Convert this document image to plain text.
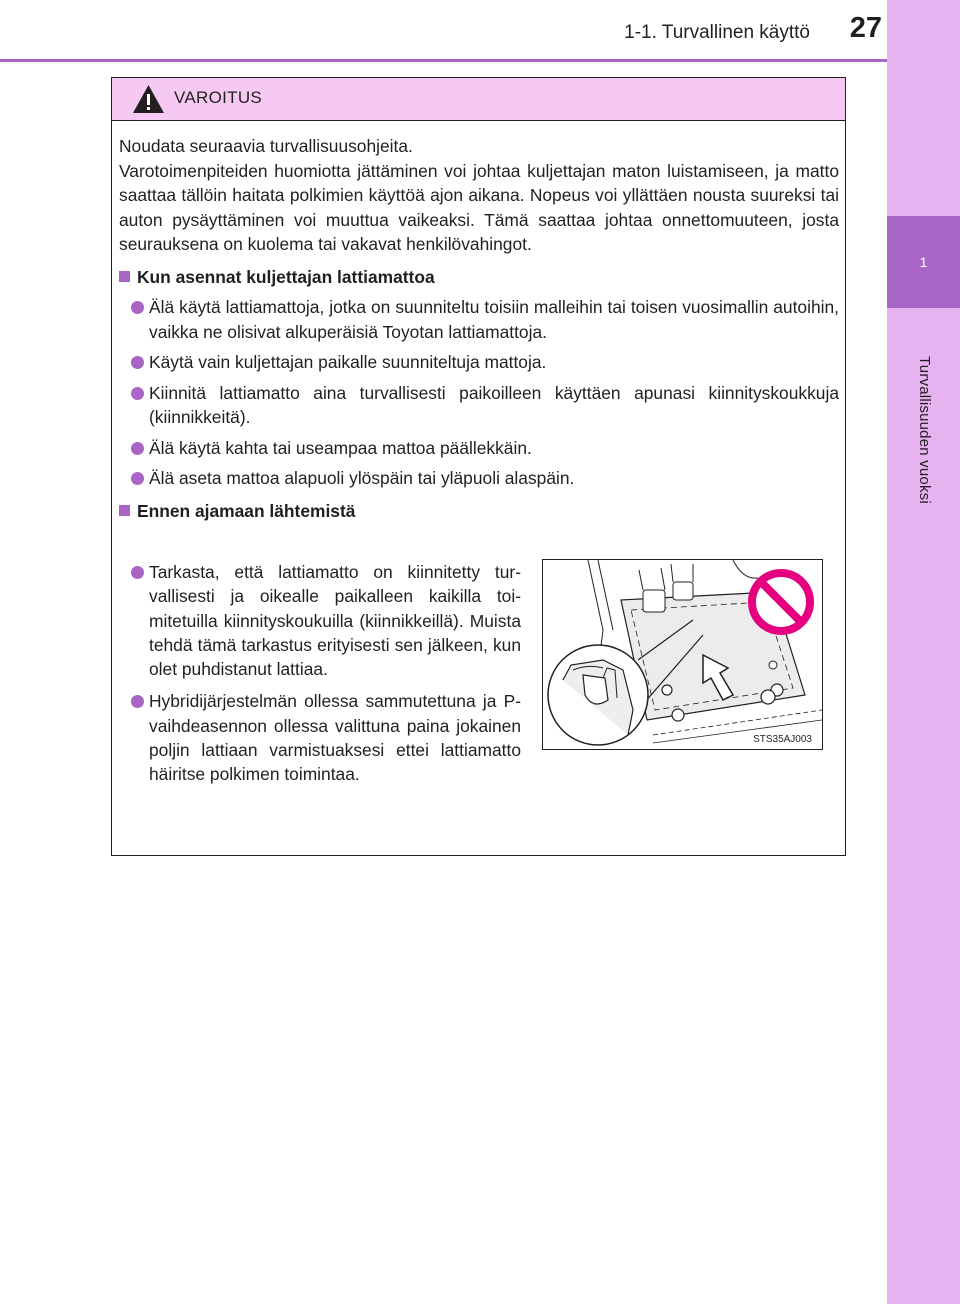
1
Turvallisuuden vuoksi
1-1. Turvallinen käyttö	27
VAROITUS
Noudata seuraavia turvallisuusohjeita.
Varotoimenpiteiden huomiotta jättäminen voi johtaa kuljettajan maton luistamiseen, ja matto saattaa tällöin haitata polkimien käyttöä ajon aikana. Nopeus voi yllättäen nousta suureksi tai auton pysäyttäminen voi muuttua vaikeaksi. Tämä saattaa johtaa onnettomuuteen, josta seurauksena on kuolema tai vakavat henkilövahingot.
Kun asennat kuljettajan lattiamattoa
Älä käytä lattiamattoja, jotka on suunniteltu toisiin malleihin tai toisen vuosimallin autoihin, vaikka ne olisivat alkuperäisiä Toyotan lattiamattoja.
Käytä vain kuljettajan paikalle suunniteltuja mattoja.
Kiinnitä lattiamatto aina turvallisesti paikoilleen käyttäen apunasi kiinnityskoukkuja (kiinnikkeitä).
Älä käytä kahta tai useampaa mattoa päällekkäin.
Älä aseta mattoa alapuoli ylöspäin tai yläpuoli alaspäin.
Ennen ajamaan lähtemistä
Tarkasta, että lattiamatto on kiinnitetty turvallisesti ja oikealle paikalleen kaikilla toimitetuilla kiinnityskoukuilla (kiinnikkeillä). Muista tehdä tämä tarkastus erityisesti sen jälkeen, kun olet puhdistanut lattiaa.
Hybridijärjestelmän ollessa sammutettuna ja P-vaihdeasennon ollessa valittuna paina jokainen poljin lattiaan varmistuaksesi ettei lattiamatto häiritse polkimen toimintaa.
STS35AJ003
